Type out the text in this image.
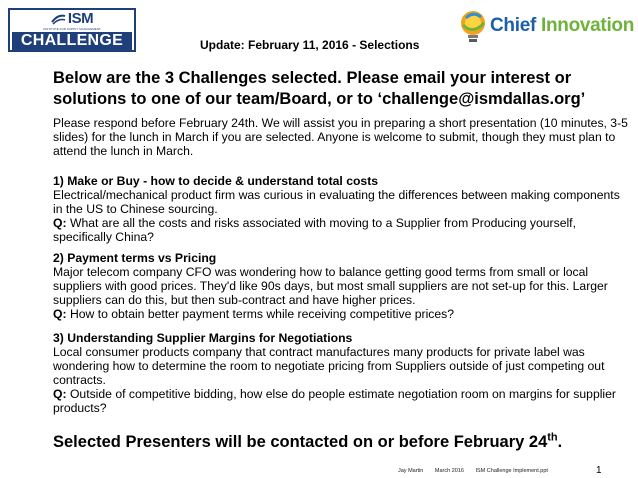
ISM
INSTITUTE FOR SUPPLY MANAGEMENT
CHALLENGE	Update: February 11, 2016 - Selections
Chief Innovation
Below are the 3 Challenges selected. Please email your interest or solutions to one of our team/Board, or to ‘challenge@ismdallas.org’
Please respond before February 24th. We will assist you in preparing a short presentation (10 minutes, 3-5 slides) for the lunch in March if you are selected. Anyone is welcome to submit, though they must plan to attend the lunch in March.
1) Make or Buy - how to decide & understand total costs
Electrical/mechanical product firm was curious in evaluating the differences between making components in the US to Chinese sourcing.
Q: What are all the costs and risks associated with moving to a Supplier from Producing yourself, specifically China?
2) Payment terms vs Pricing
Major telecom company CFO was wondering how to balance getting good terms from small or local suppliers with good prices. They'd like 90s days, but most small suppliers are not set-up for this. Larger suppliers can do this, but then sub-contract and have higher prices.
Q: How to obtain better payment terms while receiving competitive prices?
3) Understanding Supplier Margins for Negotiations
Local consumer products company that contract manufactures many products for private label was wondering how to determine the room to negotiate pricing from Suppliers outside of just competing out contracts.
Q: Outside of competitive bidding, how else do people estimate negotiation room on margins for supplier products?
Selected Presenters will be contacted on or before February 24th.
Jay Martin March 2016 ISM Challenge Implement.ppt	1
